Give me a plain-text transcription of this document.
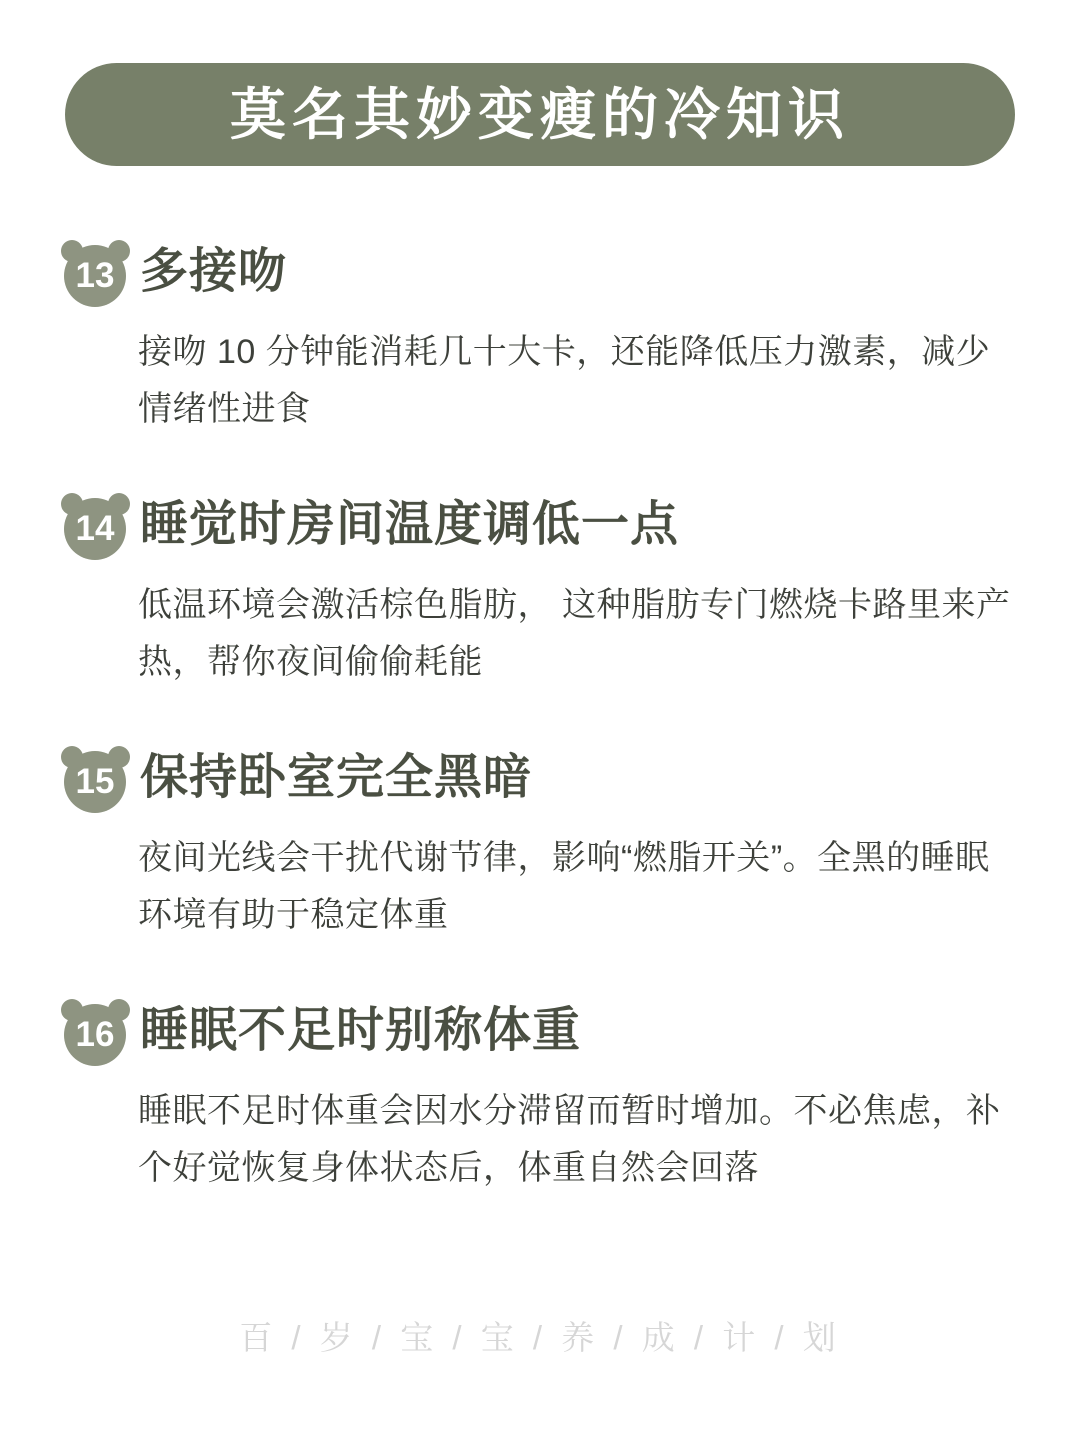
莫名其妙变瘦的冷知识
13 多接吻

接吻 10 分钟能消耗几十大卡，还能降低压力激素，减少情绪性进食

14 睡觉时房间温度调低一点

低温环境会激活棕色脂肪， 这种脂肪专门燃烧卡路里来产热，帮你夜间偷偷耗能

15 保持卧室完全黑暗

夜间光线会干扰代谢节律，影响“燃脂开关”。全黑的睡眠环境有助于稳定体重

16 睡眠不足时别称体重

睡眠不足时体重会因水分滞留而暂时增加。不必焦虑，补个好觉恢复身体状态后，体重自然会回落

百 / 岁 / 宝 / 宝 / 养 / 成 / 计 / 划
